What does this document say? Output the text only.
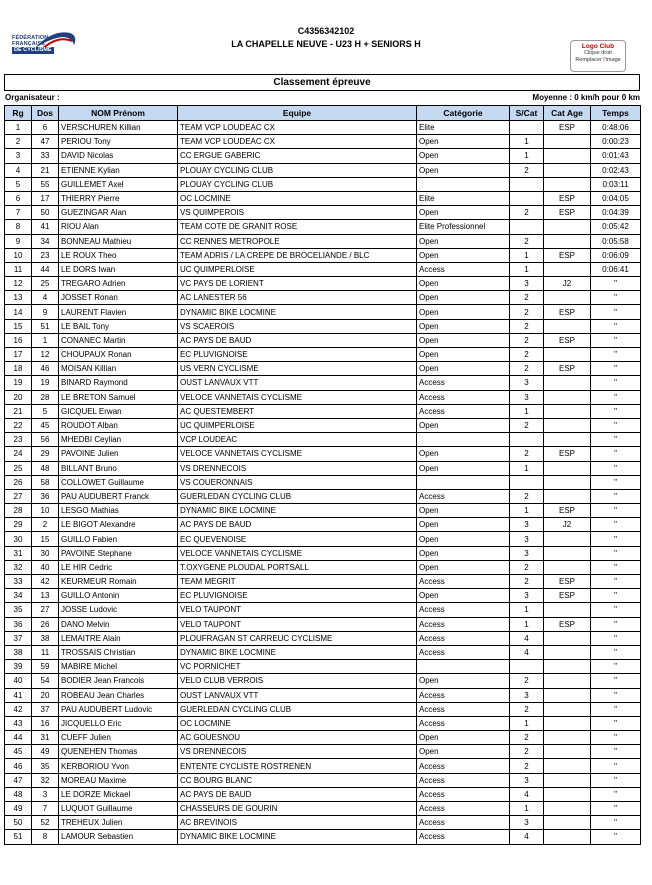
FÉDÉRATION
FRANÇAISE
DE CYCLISME
C4356342102
LA CHAPELLE NEUVE - U23 H + SENIORS H	Logo Club
Clique droit
Remplacer l'image
Classement épreuve
Organisateur :	Moyenne : 0 km/h pour 0 km
Rg	Dos	NOM Prénom	Equipe	Catégorie	S/Cat	Cat Age	Temps
1	6	VERSCHUREN Killian	TEAM VCP LOUDEAC CX	Elite		ESP	0:48:06
2	47	PERIOU Tony	TEAM VCP LOUDEAC CX	Open	1		0:00:23
3	33	DAVID Nicolas	CC ERGUE GABERIC	Open	1		0:01:43
4	21	ETIENNE Kylian	PLOUAY CYCLING CLUB	Open	2		0:02:43
5	55	GUILLEMET Axel	PLOUAY CYCLING CLUB				0:03:11
6	17	THIERRY Pierre	OC LOCMINE	Elite		ESP	0:04:05
7	50	GUEZINGAR Alan	VS QUIMPEROIS	Open	2	ESP	0:04:39
8	41	RIOU Alan	TEAM COTE DE GRANIT ROSE	Elite Professionnel			0:05:42
9	34	BONNEAU Mathieu	CC RENNES METROPOLE	Open	2		0:05:58
10	23	LE ROUX Theo	TEAM ADRIS / LA CREPE DE BROCELIANDE / BLC	Open	1	ESP	0:06:09
11	44	LE DORS Iwan	UC QUIMPERLOISE	Access	1		0:06:41
12	25	TREGARO Adrien	VC PAYS DE LORIENT	Open	3	J2	"
13	4	JOSSET Ronan	AC LANESTER 56	Open	2		"
14	9	LAURENT Flavien	DYNAMIC BIKE LOCMINE	Open	2	ESP	"
15	51	LE BAIL Tony	VS SCAEROIS	Open	2		"
16	1	CONANEC Martin	AC PAYS DE BAUD	Open	2	ESP	"
17	12	CHOUPAUX Ronan	EC PLUVIGNOISE	Open	2		"
18	46	MOISAN Killian	US VERN CYCLISME	Open	2	ESP	"
19	19	BINARD Raymond	OUST LANVAUX VTT	Access	3		"
20	28	LE BRETON Samuel	VELOCE VANNETAIS CYCLISME	Access	3		"
21	5	GICQUEL Erwan	AC QUESTEMBERT	Access	1		"
22	45	ROUDOT Alban	UC QUIMPERLOISE	Open	2		"
23	56	MHEDBI Ceylian	VCP LOUDEAC				"
24	29	PAVOINE Julien	VELOCE VANNETAIS CYCLISME	Open	2	ESP	"
25	48	BILLANT Bruno	VS DRENNECOIS	Open	1		"
26	58	COLLOWET Guillaume	VS COUERONNAIS				"
27	36	PAU AUDUBERT Franck	GUERLEDAN CYCLING CLUB	Access	2		"
28	10	LESGO Mathias	DYNAMIC BIKE LOCMINE	Open	1	ESP	"
29	2	LE BIGOT Alexandre	AC PAYS DE BAUD	Open	3	J2	"
30	15	GUILLO Fabien	EC QUEVENOISE	Open	3		"
31	30	PAVOINE Stephane	VELOCE VANNETAIS CYCLISME	Open	3		"
32	40	LE HIR Cedric	T.OXYGENE PLOUDAL PORTSALL	Open	2		"
33	42	KEURMEUR Romain	TEAM MEGRIT	Access	2	ESP	"
34	13	GUILLO Antonin	EC PLUVIGNOISE	Open	3	ESP	"
35	27	JOSSE Ludovic	VELO TAUPONT	Access	1		"
36	26	DANO Melvin	VELO TAUPONT	Access	1	ESP	"
37	38	LEMAITRE Alain	PLOUFRAGAN ST CARREUC CYCLISME	Access	4		"
38	11	TROSSAIS Christian	DYNAMIC BIKE LOCMINE	Access	4		"
39	59	MABIRE Michel	VC PORNICHET				"
40	54	BODIER Jean Francois	VELO CLUB VERROIS	Open	2		"
41	20	ROBEAU Jean Charles	OUST LANVAUX VTT	Access	3		"
42	37	PAU AUDUBERT Ludovic	GUERLEDAN CYCLING CLUB	Access	2		"
43	16	JICQUELLO Eric	OC LOCMINE	Access	1		"
44	31	CUEFF Julien	AC GOUESNOU	Open	2		"
45	49	QUENEHEN Thomas	VS DRENNECOIS	Open	2		"
46	35	KERBORIOU Yvon	ENTENTE CYCLISTE ROSTRENEN	Access	2		"
47	32	MOREAU Maxime	CC BOURG BLANC	Access	3		"
48	3	LE DORZE Mickael	AC PAYS DE BAUD	Access	4		"
49	7	LUQUOT Guillaume	CHASSEURS DE GOURIN	Access	1		"
50	52	TREHEUX Julien	AC BREVINOIS	Access	3		"
51	8	LAMOUR Sebastien	DYNAMIC BIKE LOCMINE	Access	4		"
